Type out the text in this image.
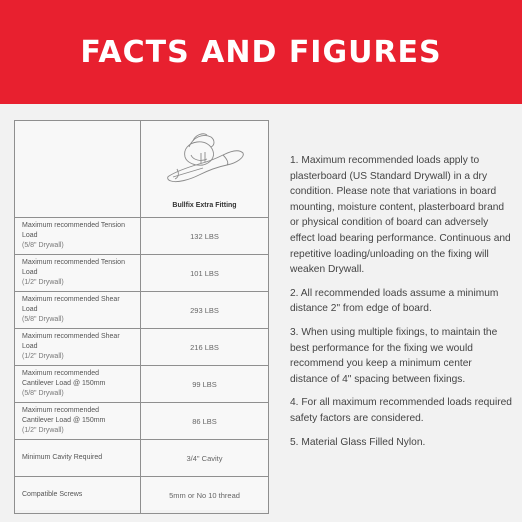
FACTS AND FIGURES

	Bullfix Extra Fitting

Maximum recommended Tension
Load
(5/8" Drywall)	132 LBS

Maximum recommended Tension
Load
(1/2" Drywall)	101 LBS

Maximum recommended Shear
Load
(5/8" Drywall)	293 LBS

Maximum recommended Shear
Load
(1/2" Drywall)	216 LBS

Maximum recommended
Cantilever Load @ 150mm
(5/8" Drywall)	99 LBS

Maximum recommended
Cantilever Load @ 150mm
(1/2" Drywall)	86 LBS

Minimum Cavity Required	3/4" Cavity

Compatible Screws	5mm or No 10 thread

1. Maximum recommended loads apply to plasterboard (US Standard Drywall) in a dry condition. Please note that variations in board mounting, moisture content, plasterboard brand or physical condition of board can adversely effect load bearing performance. Continuous and repetitive loading/unloading on the fixing will weaken Drywall.

2. All recommended loads assume a minimum distance 2" from edge of board.

3. When using multiple fixings, to maintain the best performance for the fixing we would recommend you keep a minimum center distance of 4" spacing between fixings.

4. For all maximum recommended loads required safety factors are considered.

5. Material Glass Filled Nylon.
